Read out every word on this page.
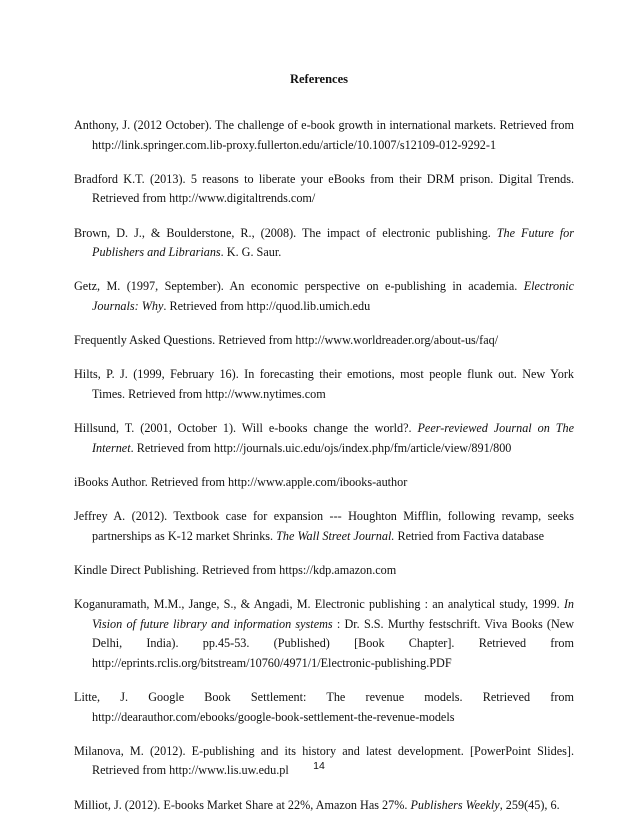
References

Anthony, J. (2012 October). The challenge of e-book growth in international markets. Retrieved from http://link.springer.com.lib-proxy.fullerton.edu/article/10.1007/s12109-012-9292-1

Bradford K.T. (2013). 5 reasons to liberate your eBooks from their DRM prison. Digital Trends. Retrieved from http://www.digitaltrends.com/

Brown, D. J., & Boulderstone, R., (2008). The impact of electronic publishing. The Future for Publishers and Librarians. K. G. Saur.

Getz, M. (1997, September). An economic perspective on e-publishing in academia. Electronic Journals: Why. Retrieved from http://quod.lib.umich.edu

Frequently Asked Questions. Retrieved from http://www.worldreader.org/about-us/faq/

Hilts, P. J. (1999, February 16). In forecasting their emotions, most people flunk out. New York Times. Retrieved from http://www.nytimes.com

Hillsund, T. (2001, October 1). Will e-books change the world?. Peer-reviewed Journal on The Internet. Retrieved from http://journals.uic.edu/ojs/index.php/fm/article/view/891/800

iBooks Author. Retrieved from http://www.apple.com/ibooks-author

Jeffrey A. (2012). Textbook case for expansion --- Houghton Mifflin, following revamp, seeks partnerships as K-12 market Shrinks. The Wall Street Journal. Retried from Factiva database

Kindle Direct Publishing. Retrieved from https://kdp.amazon.com

Koganuramath, M.M., Jange, S., & Angadi, M. Electronic publishing : an analytical study, 1999. In Vision of future library and information systems : Dr. S.S. Murthy festschrift. Viva Books (New Delhi, India). pp.45-53. (Published) [Book Chapter]. Retrieved from http://eprints.rclis.org/bitstream/10760/4971/1/Electronic-publishing.PDF

Litte, J. Google Book Settlement: The revenue models. Retrieved from http://dearauthor.com/ebooks/google-book-settlement-the-revenue-models

Milanova, M. (2012). E-publishing and its history and latest development. [PowerPoint Slides]. Retrieved from http://www.lis.uw.edu.pl

Milliot, J. (2012). E-books Market Share at 22%, Amazon Has 27%. Publishers Weekly, 259(45), 6.

14
